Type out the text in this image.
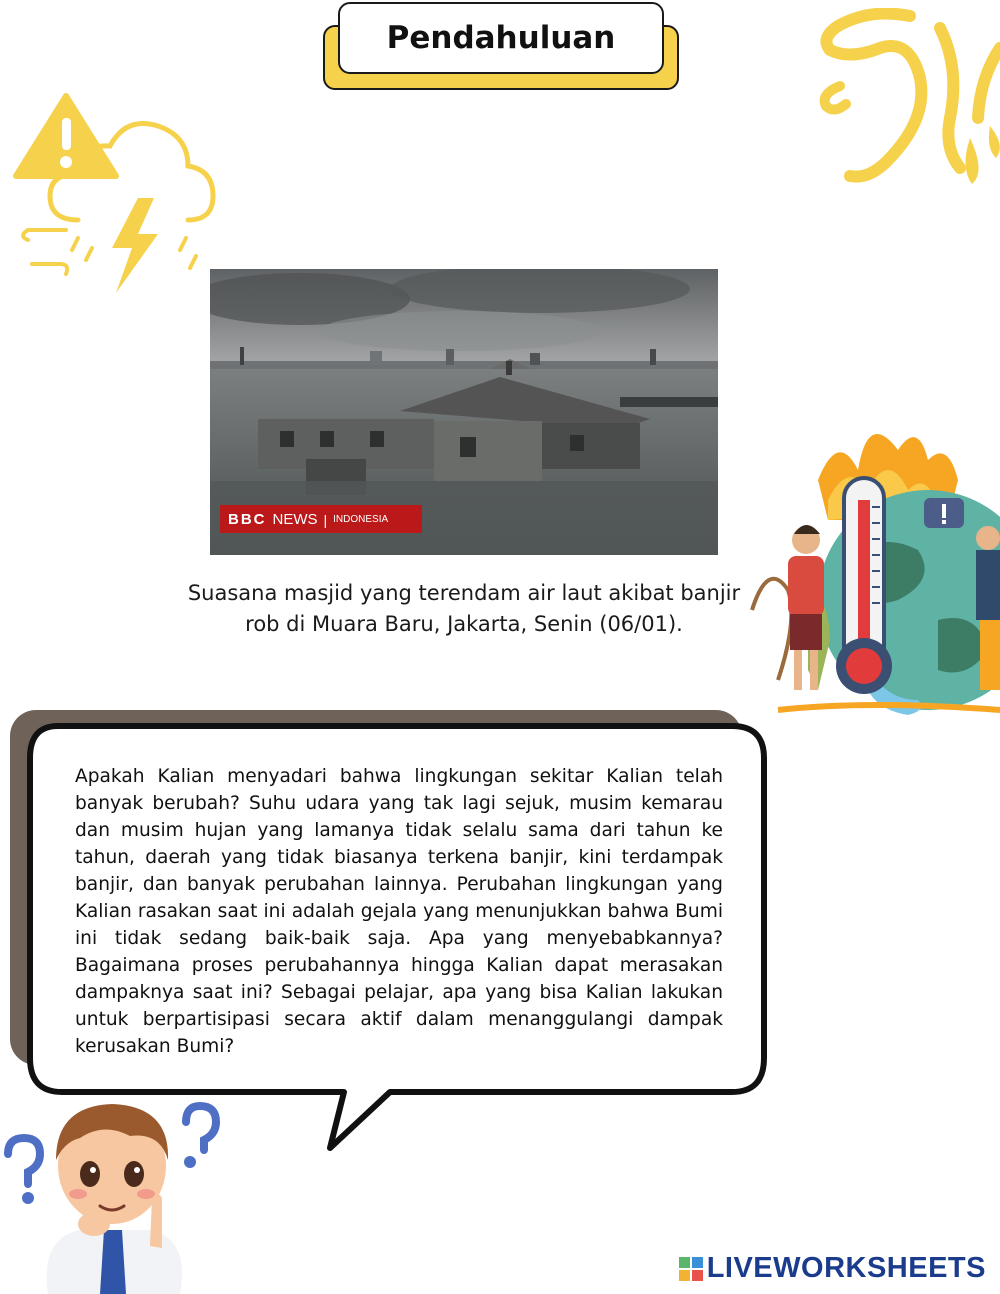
Pendahuluan
BBC NEWS | INDONESIA
Suasana masjid yang terendam air laut akibat banjir rob di Muara Baru, Jakarta, Senin (06/01).
Apakah Kalian menyadari bahwa lingkungan sekitar Kalian telah banyak berubah? Suhu udara yang tak lagi sejuk, musim kemarau dan musim hujan yang lamanya tidak selalu sama dari tahun ke tahun, daerah yang tidak biasanya terkena banjir, kini terdampak banjir, dan banyak perubahan lainnya. Perubahan lingkungan yang Kalian rasakan saat ini adalah gejala yang menunjukkan bahwa Bumi ini tidak sedang baik-baik saja. Apa yang menyebabkannya? Bagaimana proses perubahannya hingga Kalian dapat merasakan dampaknya saat ini? Sebagai pelajar, apa yang bisa Kalian lakukan untuk berpartisipasi secara aktif dalam menanggulangi dampak kerusakan Bumi?
LIVEWORKSHEETS
